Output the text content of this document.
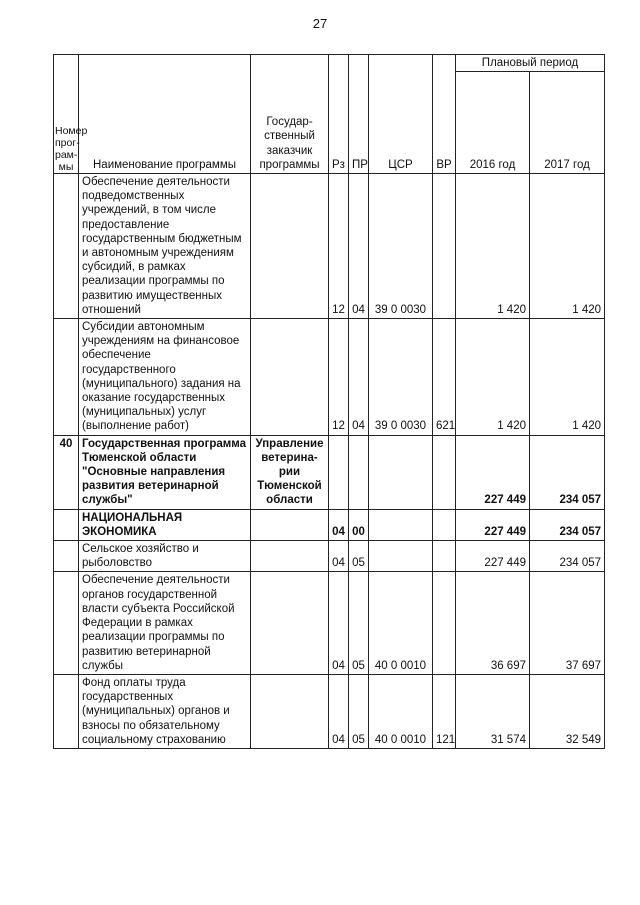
27
Номер прог-рам-мы	Наименование программы	Государ-ственный заказчик программы	Рз	ПР	ЦСР	ВР	Плановый период	
							2016 год	2017 год
	Обеспечение деятельности подведомственных учреждений, в том числе предоставление государственным бюджетным и автономным учреждениям субсидий, в рамках реализации программы по развитию имущественных отношений		12	04	39 0 0030		1 420	1 420
	Субсидии автономным учреждениям на финансовое обеспечение государственного (муниципального) задания на оказание государственных (муниципальных) услуг (выполнение работ)		12	04	39 0 0030	621	1 420	1 420
40	Государственная программа Тюменской области "Основные направления развития ветеринарной службы"	Управление ветерина-рии Тюменской области					227 449	234 057
	НАЦИОНАЛЬНАЯ ЭКОНОМИКА		04	00			227 449	234 057
	Сельское хозяйство и рыболовство		04	05			227 449	234 057
	Обеспечение деятельности органов государственной власти субъекта Российской Федерации в рамках реализации программы по развитию ветеринарной службы		04	05	40 0 0010		36 697	37 697
	Фонд оплаты труда государственных (муниципальных) органов и взносы по обязательному социальному страхованию		04	05	40 0 0010	121	31 574	32 549
